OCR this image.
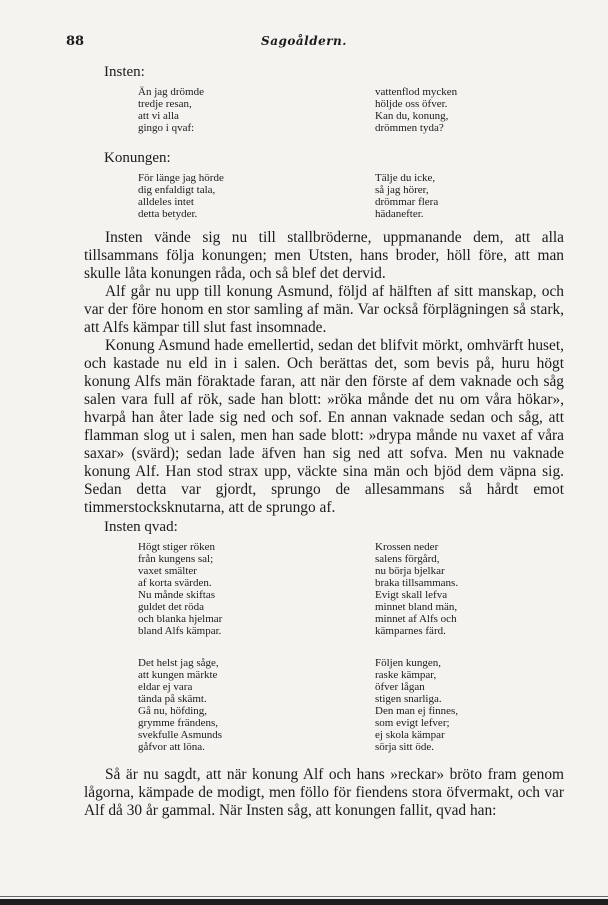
88	Sagoåldern.
Insten:
Än jag drömde
tredje resan,
att vi alla
gingo i qvaf:
vattenflod mycken
höljde oss öfver.
Kan du, konung,
drömmen tyda?
Konungen:
För länge jag hörde
dig enfaldigt tala,
alldeles intet
detta betyder.
Tälje du icke,
så jag hörer,
drömmar flera
hädanefter.

Insten vände sig nu till stallbröderne, uppmanande dem, att alla tillsammans följa konungen; men Utsten, hans broder, höll före, att man skulle låta konungen råda, och så blef det dervid.

Alf går nu upp till konung Asmund, följd af hälften af sitt manskap, och var der före honom en stor samling af män. Var också förplägningen så stark, att Alfs kämpar till slut fast insomnade.

Konung Asmund hade emellertid, sedan det blifvit mörkt, omhvärft huset, och kastade nu eld in i salen. Och berättas det, som bevis på, huru högt konung Alfs män föraktade faran, att när den förste af dem vaknade och såg salen vara full af rök, sade han blott: »röka månde det nu om våra hökar», hvarpå han åter lade sig ned och sof. En annan vaknade sedan och såg, att flamman slog ut i salen, men han sade blott: »drypa månde nu vaxet af våra saxar» (svärd); sedan lade äfven han sig ned att sofva. Men nu vaknade konung Alf. Han stod strax upp, väckte sina män och bjöd dem väpna sig. Sedan detta var gjordt, sprungo de allesammans så hårdt emot timmerstocksknutarna, att de sprungo af.

Insten qvad:
Högt stiger röken
från kungens sal;
vaxet smälter
af korta svärden.
Nu månde skiftas
guldet det röda
och blanka hjelmar
bland Alfs kämpar.
Krossen neder
salens förgård,
nu börja bjelkar
braka tillsammans.
Evigt skall lefva
minnet bland män,
minnet af Alfs och
kämparnes färd.
Det helst jag såge,
att kungen märkte
eldar ej vara
tända på skämt.
Gå nu, höfding,
grymme frändens,
svekfulle Asmunds
gåfvor att löna.
Följen kungen,
raske kämpar,
öfver lågan
stigen snarliga.
Den man ej finnes,
som evigt lefver;
ej skola kämpar
sörja sitt öde.

Så är nu sagdt, att när konung Alf och hans »reckar» bröto fram genom lågorna, kämpade de modigt, men föllo för fiendens stora öfvermakt, och var Alf då 30 år gammal. När Insten såg, att konungen fallit, qvad han:
